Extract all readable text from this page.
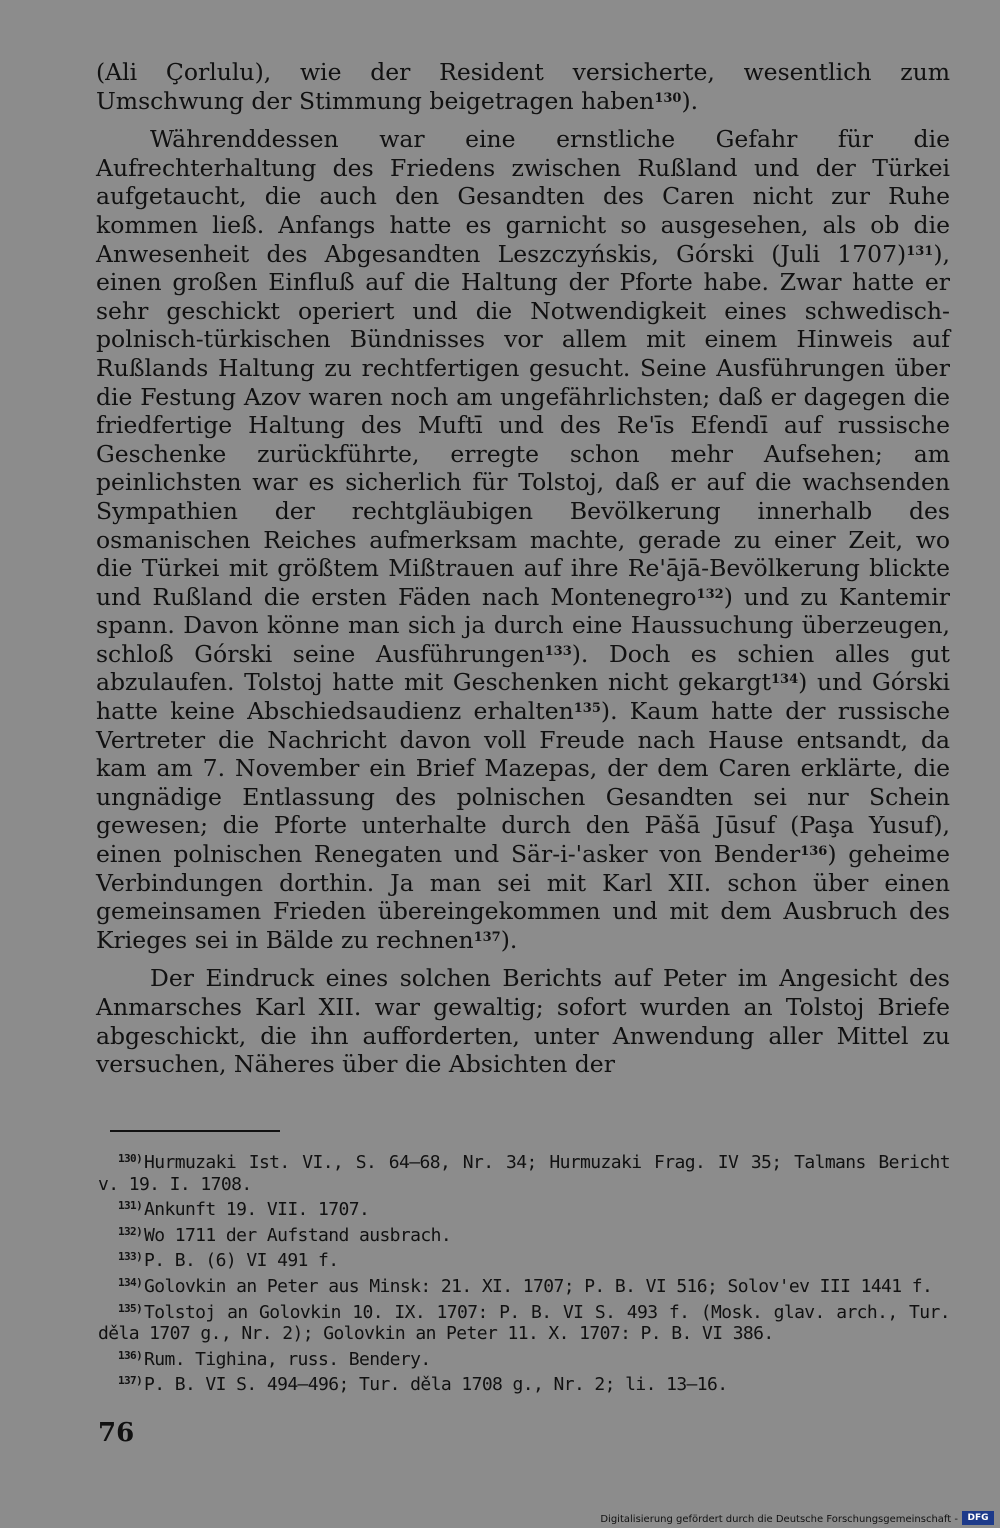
(Ali Çorlulu), wie der Resident versicherte, wesentlich zum Umschwung der Stimmung beigetragen haben$^{130}$).

Währenddessen war eine ernstliche Gefahr für die Aufrechterhaltung des Friedens zwischen Rußland und der Türkei aufgetaucht, die auch den Gesandten des Caren nicht zur Ruhe kommen ließ. Anfangs hatte es garnicht so ausgesehen, als ob die Anwesenheit des Abgesandten Leszczyńskis, Górski (Juli 1707)$^{131}$), einen großen Einfluß auf die Haltung der Pforte habe. Zwar hatte er sehr geschickt operiert und die Notwendigkeit eines schwedisch-polnisch-türkischen Bündnisses vor allem mit einem Hinweis auf Rußlands Haltung zu rechtfertigen gesucht. Seine Ausführungen über die Festung Azov waren noch am ungefährlichsten; daß er dagegen die friedfertige Haltung des Muftī und des Re'īs Efendī auf russische Geschenke zurückführte, erregte schon mehr Aufsehen; am peinlichsten war es sicherlich für Tolstoj, daß er auf die wachsenden Sympathien der rechtgläubigen Bevölkerung innerhalb des osmanischen Reiches aufmerksam machte, gerade zu einer Zeit, wo die Türkei mit größtem Mißtrauen auf ihre Re'ājā-Bevölkerung blickte und Rußland die ersten Fäden nach Montenegro$^{132}$) und zu Kantemir spann. Davon könne man sich ja durch eine Haussuchung überzeugen, schloß Górski seine Ausführungen$^{133}$). Doch es schien alles gut abzulaufen. Tolstoj hatte mit Geschenken nicht gekargt$^{134}$) und Górski hatte keine Abschiedsaudienz erhalten$^{135}$). Kaum hatte der russische Vertreter die Nachricht davon voll Freude nach Hause entsandt, da kam am 7. November ein Brief Mazepas, der dem Caren erklärte, die ungnädige Entlassung des polnischen Gesandten sei nur Schein gewesen; die Pforte unterhalte durch den Pāšā Jūsuf (Paşa Yusuf), einen polnischen Renegaten und Sär-i-'asker von Bender$^{136}$) geheime Verbindungen dorthin. Ja man sei mit Karl XII. schon über einen gemeinsamen Frieden übereingekommen und mit dem Ausbruch des Krieges sei in Bälde zu rechnen$^{137}$).

Der Eindruck eines solchen Berichts auf Peter im Angesicht des Anmarsches Karl XII. war gewaltig; sofort wurden an Tolstoj Briefe abgeschickt, die ihn aufforderten, unter Anwendung aller Mittel zu versuchen, Näheres über die Absichten der

130) Hurmuzaki Ist. VI., S. 64—68, Nr. 34; Hurmuzaki Frag. IV 35; Talmans Bericht v. 19. I. 1708.

131) Ankunft 19. VII. 1707.

132) Wo 1711 der Aufstand ausbrach.

133) P. B. (6) VI 491 f.

134) Golovkin an Peter aus Minsk: 21. XI. 1707; P. B. VI 516; Solov'ev III 1441 f.

135) Tolstoj an Golovkin 10. IX. 1707: P. B. VI S. 493 f. (Mosk. glav. arch., Tur. děla 1707 g., Nr. 2); Golovkin an Peter 11. X. 1707: P. B. VI 386.

136) Rum. Tighina, russ. Bendery.

137) P. B. VI S. 494—496; Tur. děla 1708 g., Nr. 2; li. 13—16.

76
Digitalisierung gefördert durch die Deutsche Forschungsgemeinschaft -	DFG
